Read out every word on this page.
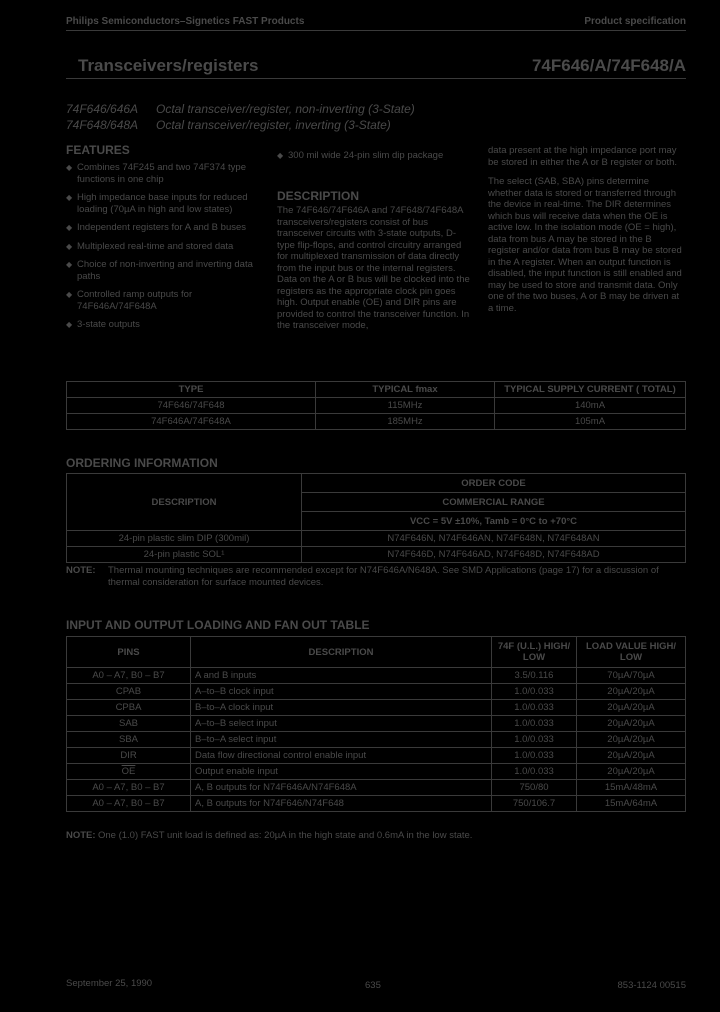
Philips Semiconductors–Signetics FAST Products	Product specification
Transceivers/registers	74F646/A/74F648/A
74F646/646A Octal transceiver/register, non-inverting (3-State)
74F648/648A Octal transceiver/register, inverting (3-State)
FEATURES
◆ Combines 74F245 and two 74F374 type functions in one chip
◆ High impedance base inputs for reduced loading (70µA in high and low states)
◆ Independent registers for A and B buses
◆ Multiplexed real-time and stored data
◆ Choice of non-inverting and inverting data paths
◆ Controlled ramp outputs for 74F646A/74F648A
◆ 3-state outputs
◆ 300 mil wide 24-pin slim dip package
DESCRIPTION
The 74F646/74F646A and 74F648/74F648A transceivers/registers consist of bus transceiver circuits with 3-state outputs, D-type flip-flops, and control circuitry arranged for multiplexed transmission of data directly from the input bus or the internal registers. Data on the A or B bus will be clocked into the registers as the appropriate clock pin goes high. Output enable (OE) and DIR pins are provided to control the transceiver function. In the transceiver mode,

data present at the high impedance port may be stored in either the A or B register or both.

The select (SAB, SBA) pins determine whether data is stored or transferred through the device in real-time. The DIR determines which bus will receive data when the OE is active low. In the isolation mode (OE = high), data from bus A may be stored in the B register and/or data from bus B may be stored in the A register. When an output function is disabled, the input function is still enabled and may be used to store and transmit data. Only one of the two buses, A or B may be driven at a time.

TYPE	TYPICAL fmax	TYPICAL SUPPLY CURRENT ( TOTAL)
74F646/74F648	115MHz	140mA
74F646A/74F648A	185MHz	105mA
ORDERING INFORMATION
DESCRIPTION	ORDER CODE
	COMMERCIAL RANGE
	VCC = 5V ±10%, Tamb = 0°C to +70°C
24-pin plastic slim DIP (300mil)	N74F646N, N74F646AN, N74F648N, N74F648AN
24-pin plastic SOL¹	N74F646D, N74F646AD, N74F648D, N74F648AD
NOTE: Thermal mounting techniques are recommended except for N74F646A/N648A. See SMD Applications (page 17) for a discussion of thermal consideration for surface mounted devices.
INPUT AND OUTPUT LOADING AND FAN OUT TABLE
PINS	DESCRIPTION	74F (U.L.) HIGH/ LOW	LOAD VALUE HIGH/ LOW
A0 – A7, B0 – B7	A and B inputs	3.5/0.116	70µA/70µA
CPAB	A–to–B clock input	1.0/0.033	20µA/20µA
CPBA	B–to–A clock input	1.0/0.033	20µA/20µA
SAB	A–to–B select input	1.0/0.033	20µA/20µA
SBA	B–to–A select input	1.0/0.033	20µA/20µA
DIR	Data flow directional control enable input	1.0/0.033	20µA/20µA
$\overline{OE}$	Output enable input	1.0/0.033	20µA/20µA
A0 – A7, B0 – B7	A, B outputs for N74F646A/N74F648A	750/80	15mA/48mA
A0 – A7, B0 – B7	A, B outputs for N74F646/N74F648	750/106.7	15mA/64mA
NOTE: One (1.0) FAST unit load is defined as: 20µA in the high state and 0.6mA in the low state.
September 25, 1990	635	853-1124 00515
